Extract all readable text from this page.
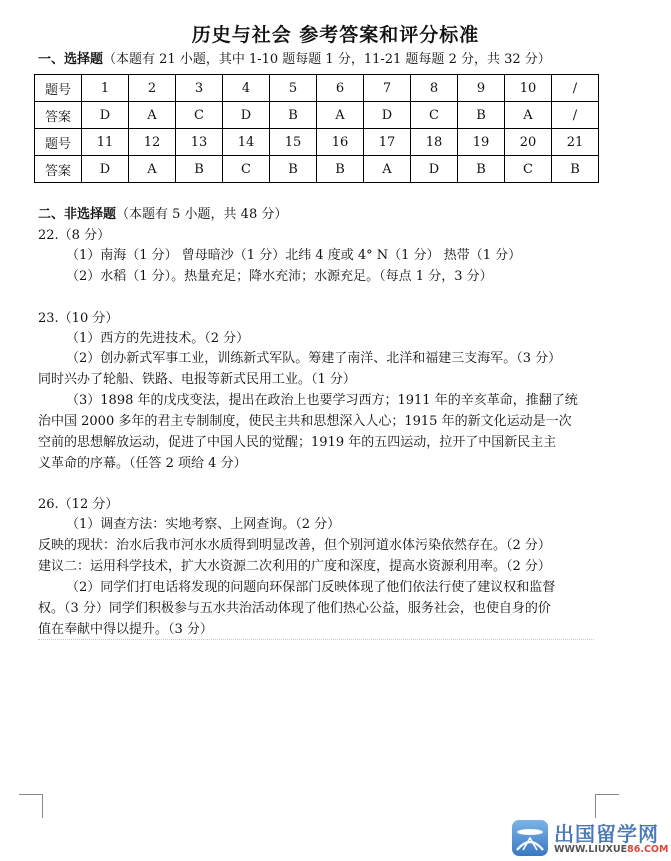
历史与社会 参考答案和评分标准
一、选择题（本题有 21 小题，其中 1-10 题每题 1 分，11-21 题每题 2 分，共 32 分）
题号	1	2	3	4	5	6	7	8	9	10	/
答案	D	A	C	D	B	A	D	C	B	A	/
题号	11	12	13	14	15	16	17	18	19	20	21
答案	D	A	B	C	B	B	A	D	B	C	B
二、非选择题（本题有 5 小题，共 48 分）
22.（8 分）
（1）南海（1 分） 曾母暗沙（1 分）北纬 4 度或 4° N（1 分） 热带（1 分）
（2）水稻（1 分）。热量充足；降水充沛；水源充足。（每点 1 分，3 分）
23.（10 分）
（1）西方的先进技术。（2 分）
（2）创办新式军事工业，训练新式军队。筹建了南洋、北洋和福建三支海军。（3 分）
同时兴办了轮船、铁路、电报等新式民用工业。（1 分）
（3）1898 年的戊戌变法，提出在政治上也要学习西方；1911 年的辛亥革命，推翻了统
治中国 2000 多年的君主专制制度，使民主共和思想深入人心；1915 年的新文化运动是一次
空前的思想解放运动，促进了中国人民的觉醒；1919 年的五四运动，拉开了中国新民主主
义革命的序幕。（任答 2 项给 4 分）
26.（12 分）
（1）调查方法：实地考察、上网查询。（2 分）
反映的现状：治水后我市河水水质得到明显改善，但个别河道水体污染依然存在。（2 分）
建议二：运用科学技术，扩大水资源二次利用的广度和深度，提高水资源利用率。（2 分）
（2）同学们打电话将发现的问题向环保部门反映体现了他们依法行使了建议权和监督
权。（3 分）同学们积极参与五水共治活动体现了他们热心公益，服务社会，也使自身的价
值在奉献中得以提升。（3 分）
出国留学网
WWW.LIUXUE86.COM
